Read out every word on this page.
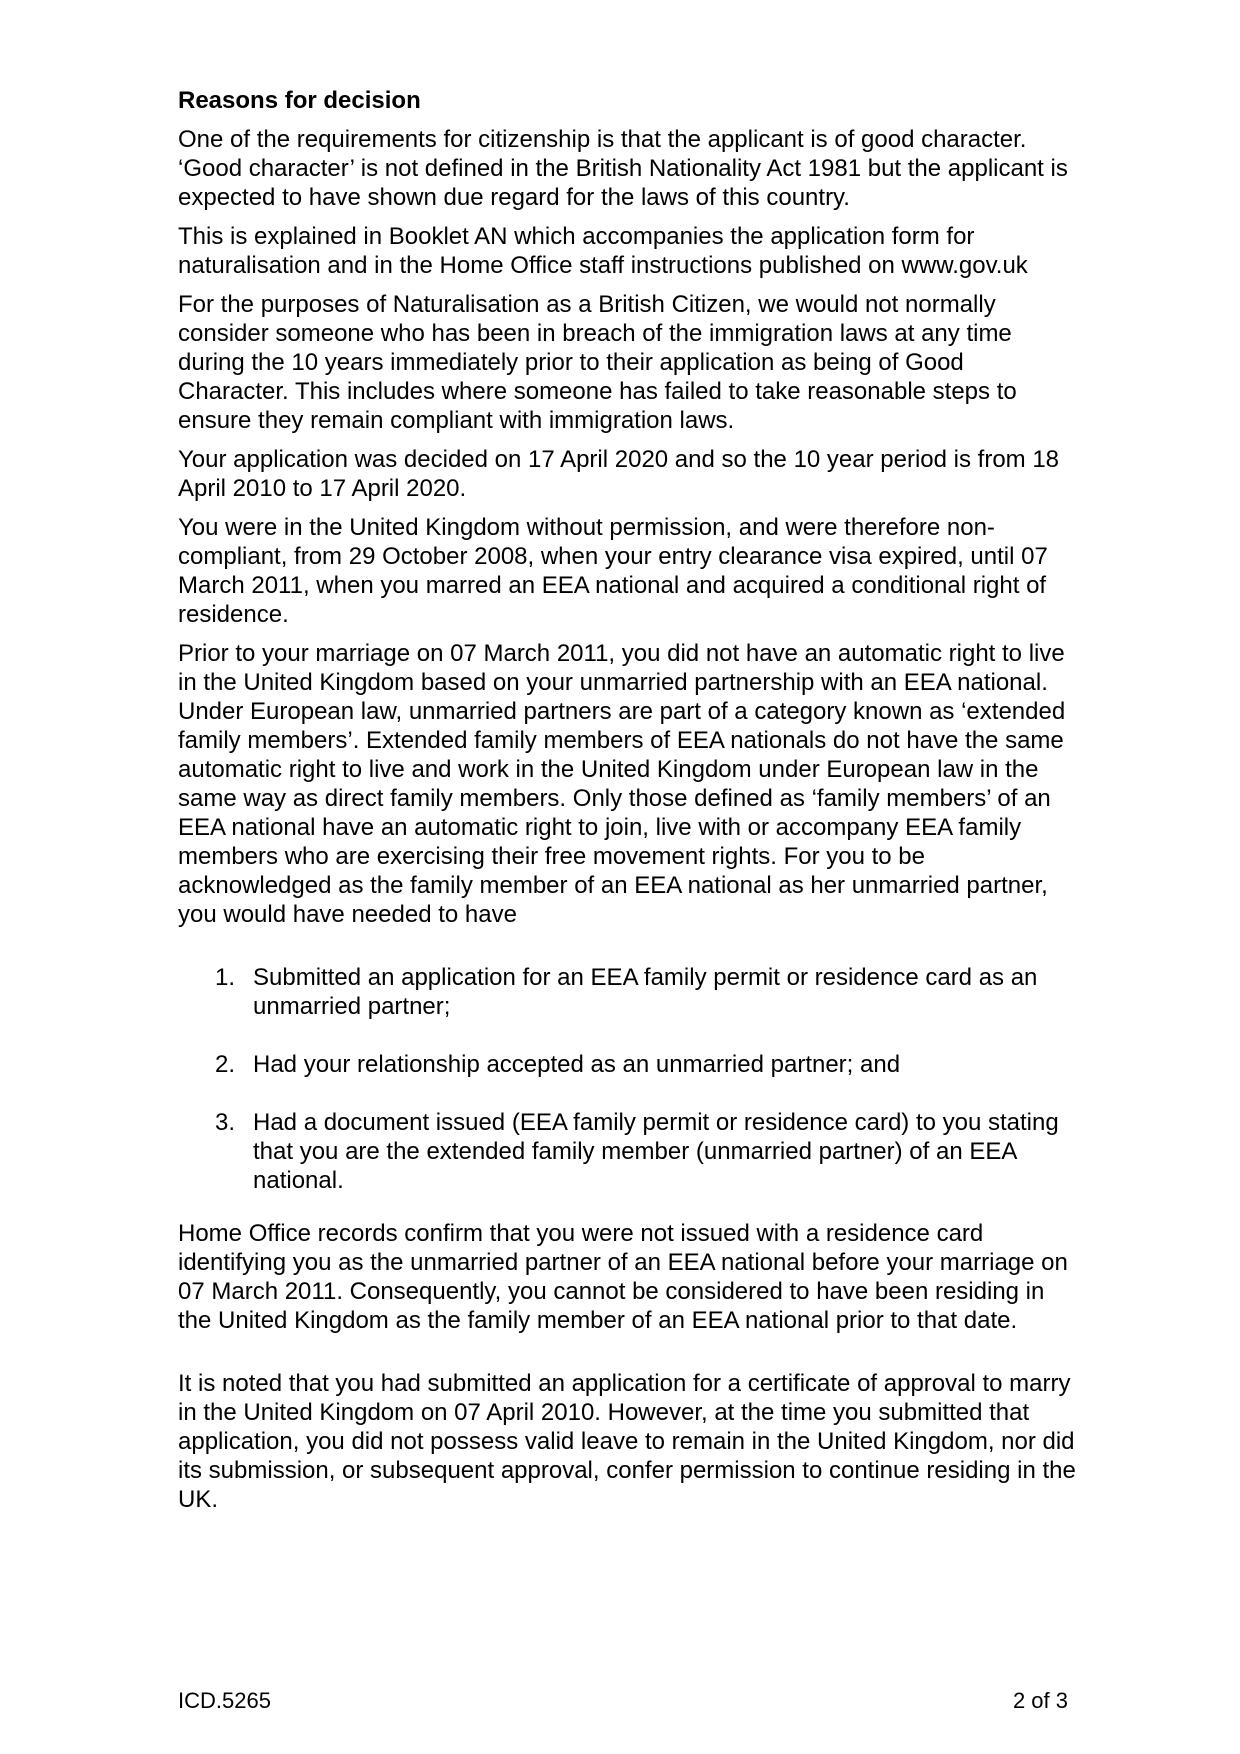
Reasons for decision

One of the requirements for citizenship is that the applicant is of good character. ‘Good character’ is not defined in the British Nationality Act 1981 but the applicant is expected to have shown due regard for the laws of this country.

This is explained in Booklet AN which accompanies the application form for naturalisation and in the Home Office staff instructions published on www.gov.uk

For the purposes of Naturalisation as a British Citizen, we would not normally consider someone who has been in breach of the immigration laws at any time during the 10 years immediately prior to their application as being of Good Character. This includes where someone has failed to take reasonable steps to ensure they remain compliant with immigration laws.

Your application was decided on 17 April 2020 and so the 10 year period is from 18 April 2010 to 17 April 2020.

You were in the United Kingdom without permission, and were therefore non-compliant, from 29 October 2008, when your entry clearance visa expired, until 07 March 2011, when you marred an EEA national and acquired a conditional right of residence.

Prior to your marriage on 07 March 2011, you did not have an automatic right to live in the United Kingdom based on your unmarried partnership with an EEA national. Under European law, unmarried partners are part of a category known as ‘extended family members’. Extended family members of EEA nationals do not have the same automatic right to live and work in the United Kingdom under European law in the same way as direct family members. Only those defined as ‘family members’ of an EEA national have an automatic right to join, live with or accompany EEA family members who are exercising their free movement rights. For you to be acknowledged as the family member of an EEA national as her unmarried partner, you would have needed to have

1. Submitted an application for an EEA family permit or residence card as an unmarried partner;
2. Had your relationship accepted as an unmarried partner; and
3. Had a document issued (EEA family permit or residence card) to you stating that you are the extended family member (unmarried partner) of an EEA national.

Home Office records confirm that you were not issued with a residence card identifying you as the unmarried partner of an EEA national before your marriage on 07 March 2011. Consequently, you cannot be considered to have been residing in the United Kingdom as the family member of an EEA national prior to that date.

It is noted that you had submitted an application for a certificate of approval to marry in the United Kingdom on 07 April 2010. However, at the time you submitted that application, you did not possess valid leave to remain in the United Kingdom, nor did its submission, or subsequent approval, confer permission to continue residing in the UK.

ICD.5265	2 of 3
